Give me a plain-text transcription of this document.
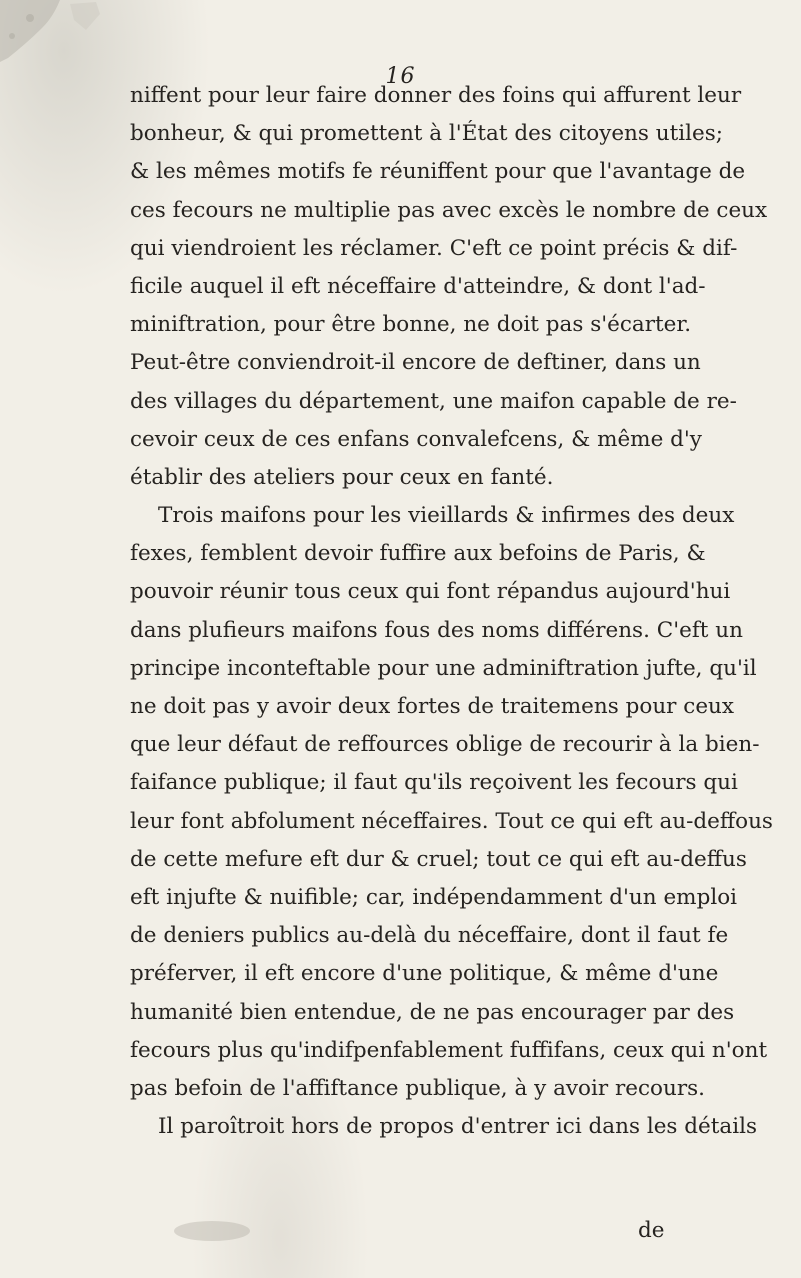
16
niffent pour leur faire donner des foins qui affurent leur
bonheur, & qui promettent à l'État des citoyens utiles;
& les mêmes motifs fe réuniffent pour que l'avantage de
ces fecours ne multiplie pas avec excès le nombre de ceux
qui viendroient les réclamer. C'eft ce point précis & dif-
ficile auquel il eft néceffaire d'atteindre, & dont l'ad-
miniftration, pour être bonne, ne doit pas s'écarter.
Peut-être conviendroit-il encore de deftiner, dans un
des villages du département, une maifon capable de re-
cevoir ceux de ces enfans convalefcens, & même d'y
établir des ateliers pour ceux en fanté.
Trois maifons pour les vieillards & infirmes des deux
fexes, femblent devoir fuffire aux befoins de Paris, &
pouvoir réunir tous ceux qui font répandus aujourd'hui
dans plufieurs maifons fous des noms différens. C'eft un
principe inconteftable pour une adminiftration jufte, qu'il
ne doit pas y avoir deux fortes de traitemens pour ceux
que leur défaut de reffources oblige de recourir à la bien-
faifance publique; il faut qu'ils reçoivent les fecours qui
leur font abfolument néceffaires. Tout ce qui eft au-deffous
de cette mefure eft dur & cruel; tout ce qui eft au-deffus
eft injufte & nuifible; car, indépendamment d'un emploi
de deniers publics au-delà du néceffaire, dont il faut fe
préferver, il eft encore d'une politique, & même d'une
humanité bien entendue, de ne pas encourager par des
fecours plus qu'indifpenfablement fuffifans, ceux qui n'ont
pas befoin de l'affiftance publique, à y avoir recours.
Il paroîtroit hors de propos d'entrer ici dans les détails
de
